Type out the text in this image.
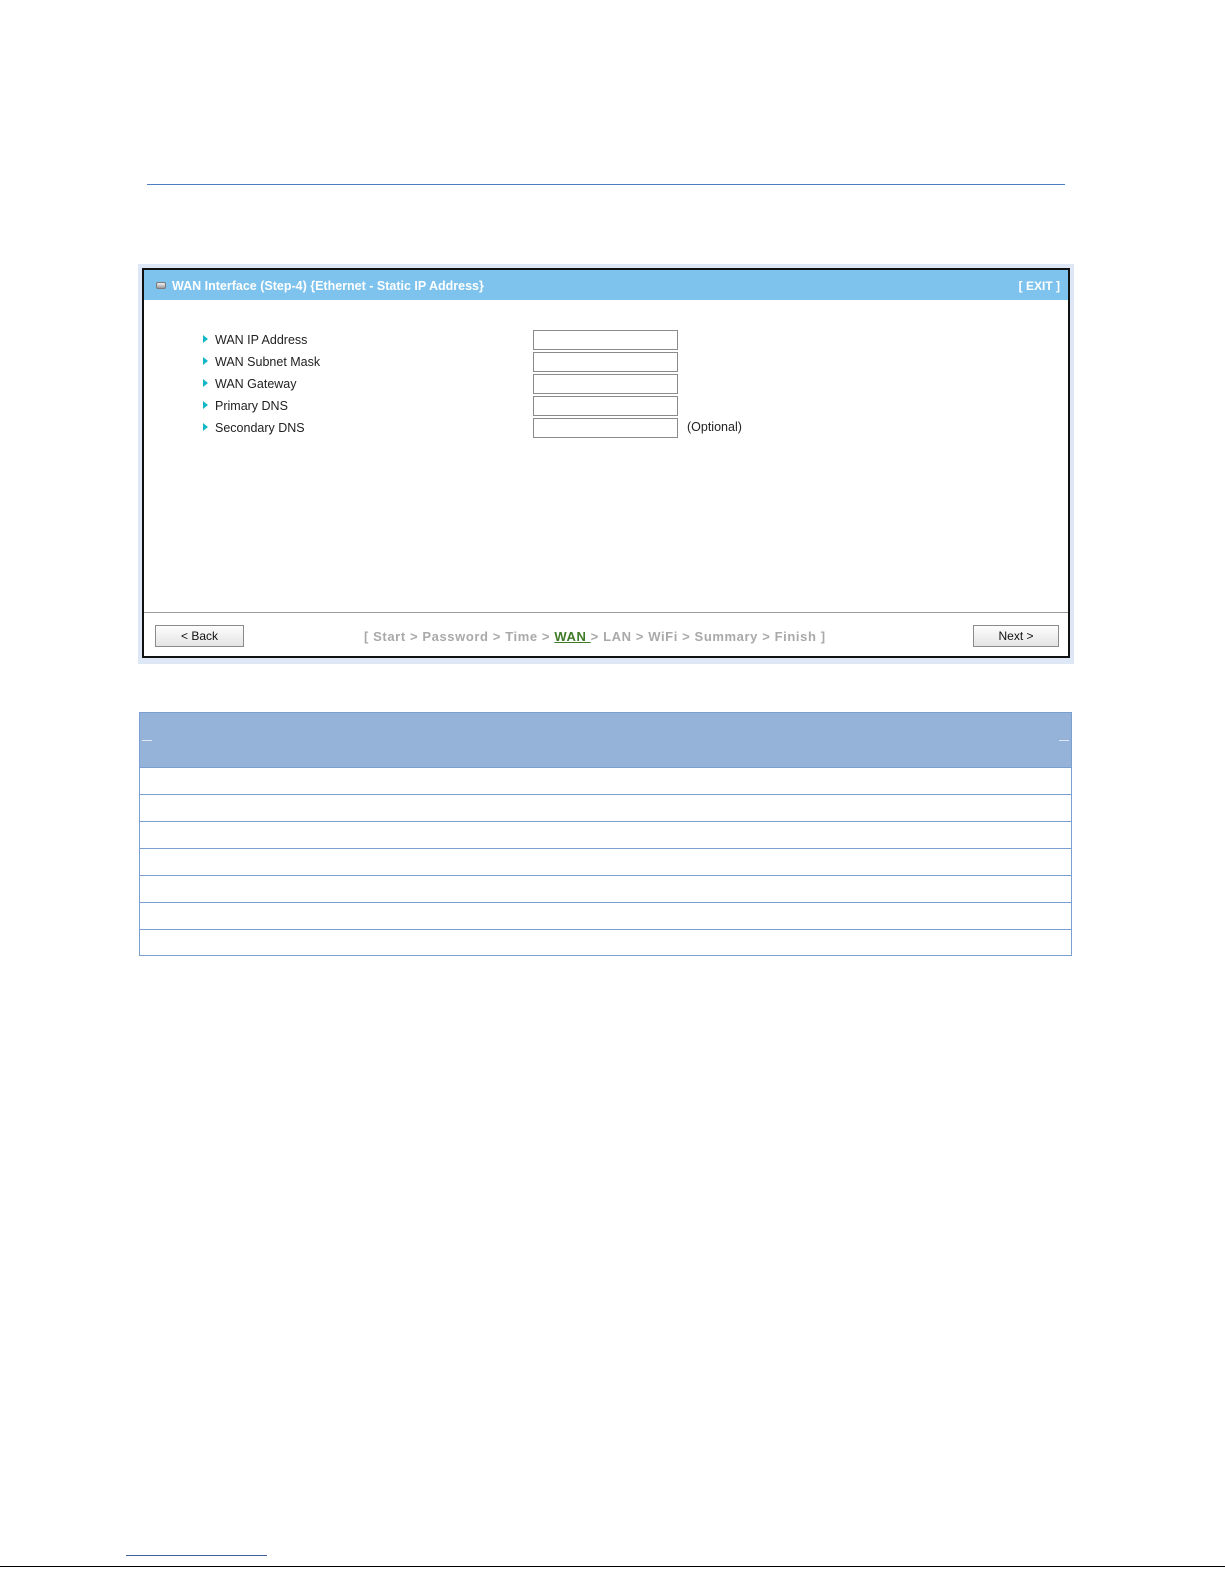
WAN Interface (Step-4) {Ethernet - Static IP Address}	[ EXIT ]
WAN IP Address
WAN Subnet Mask
WAN Gateway
Primary DNS
Secondary DNS	(Optional)
< Back	[ Start > Password > Time > WAN > LAN > WiFi > Summary > Finish ]	Next >
